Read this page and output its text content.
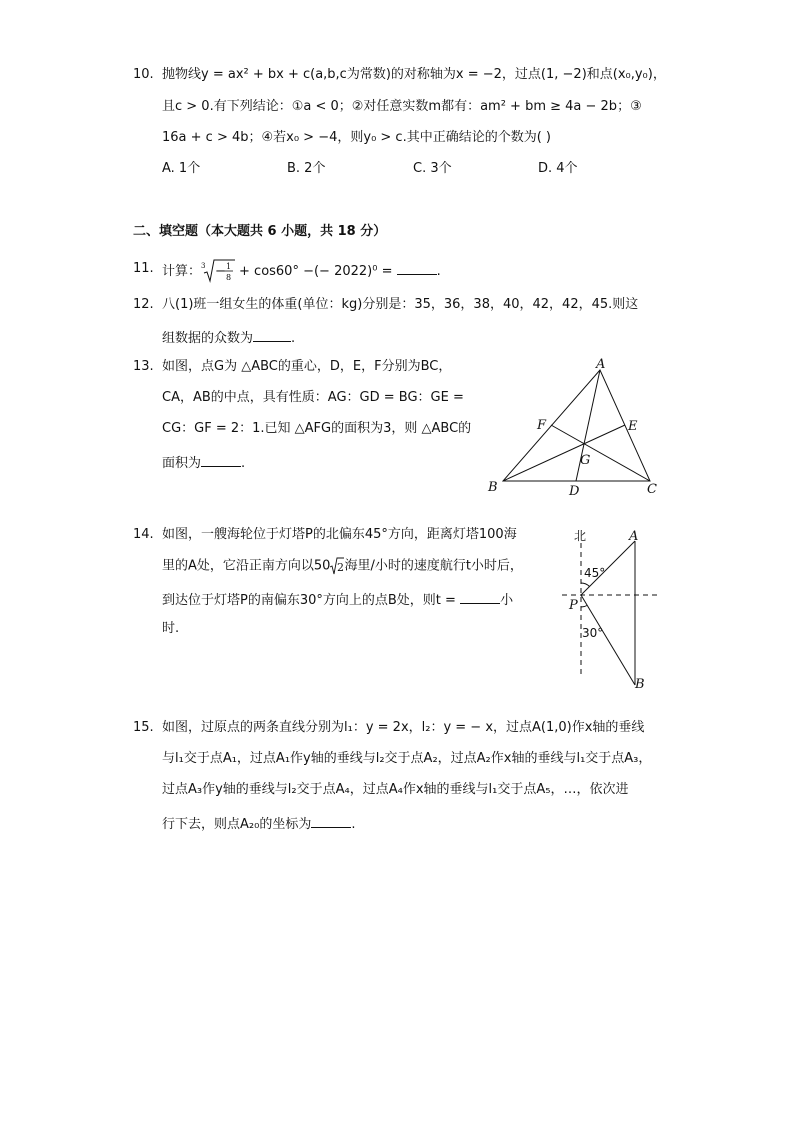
10. 抛物线y = ax² + bx + c(a,b,c为常数)的对称轴为x = −2，过点(1, −2)和点(x₀,y₀)，
且c > 0.有下列结论：①a < 0；②对任意实数m都有：am² + bm ≥ 4a − 2b；③
16a + c > 4b；④若x₀ > −4，则y₀ > c.其中正确结论的个数为( )
A. 1个	B. 2个	C. 3个	D. 4个
二、填空题（本大题共 6 小题，共 18 分）
11. 计算： 3 − 1
8 + cos60° −(− 2022)⁰ =	.
12. 八(1)班一组女生的体重(单位：kg)分别是：35，36，38，40，42，42，45.则这
组数据的众数为	.
13. 如图，点G为 △ABC的重心，D，E，F分别为BC，
CA，AB的中点，具有性质：AG：GD = BG：GE =
CG：GF = 2：1.已知 △AFG的面积为3，则 △ABC的
面积为	.
A
B	C
D
E
F
G
14. 如图，一艘海轮位于灯塔P的北偏东45°方向，距离灯塔100海
里的A处，它沿正南方向以50 2 海里/小时的速度航行t小时后，
到达位于灯塔P的南偏东30°方向上的点B处，则t =	小
时.
北	A
P
B
45°
30°
15. 如图，过原点的两条直线分别为l₁：y = 2x，l₂：y = − x，过点A(1,0)作x轴的垂线
与l₁交于点A₁，过点A₁作y轴的垂线与l₂交于点A₂，过点A₂作x轴的垂线与l₁交于点A₃，
过点A₃作y轴的垂线与l₂交于点A₄，过点A₄作x轴的垂线与l₁交于点A₅，…，依次进
行下去，则点A₂₀的坐标为	.
